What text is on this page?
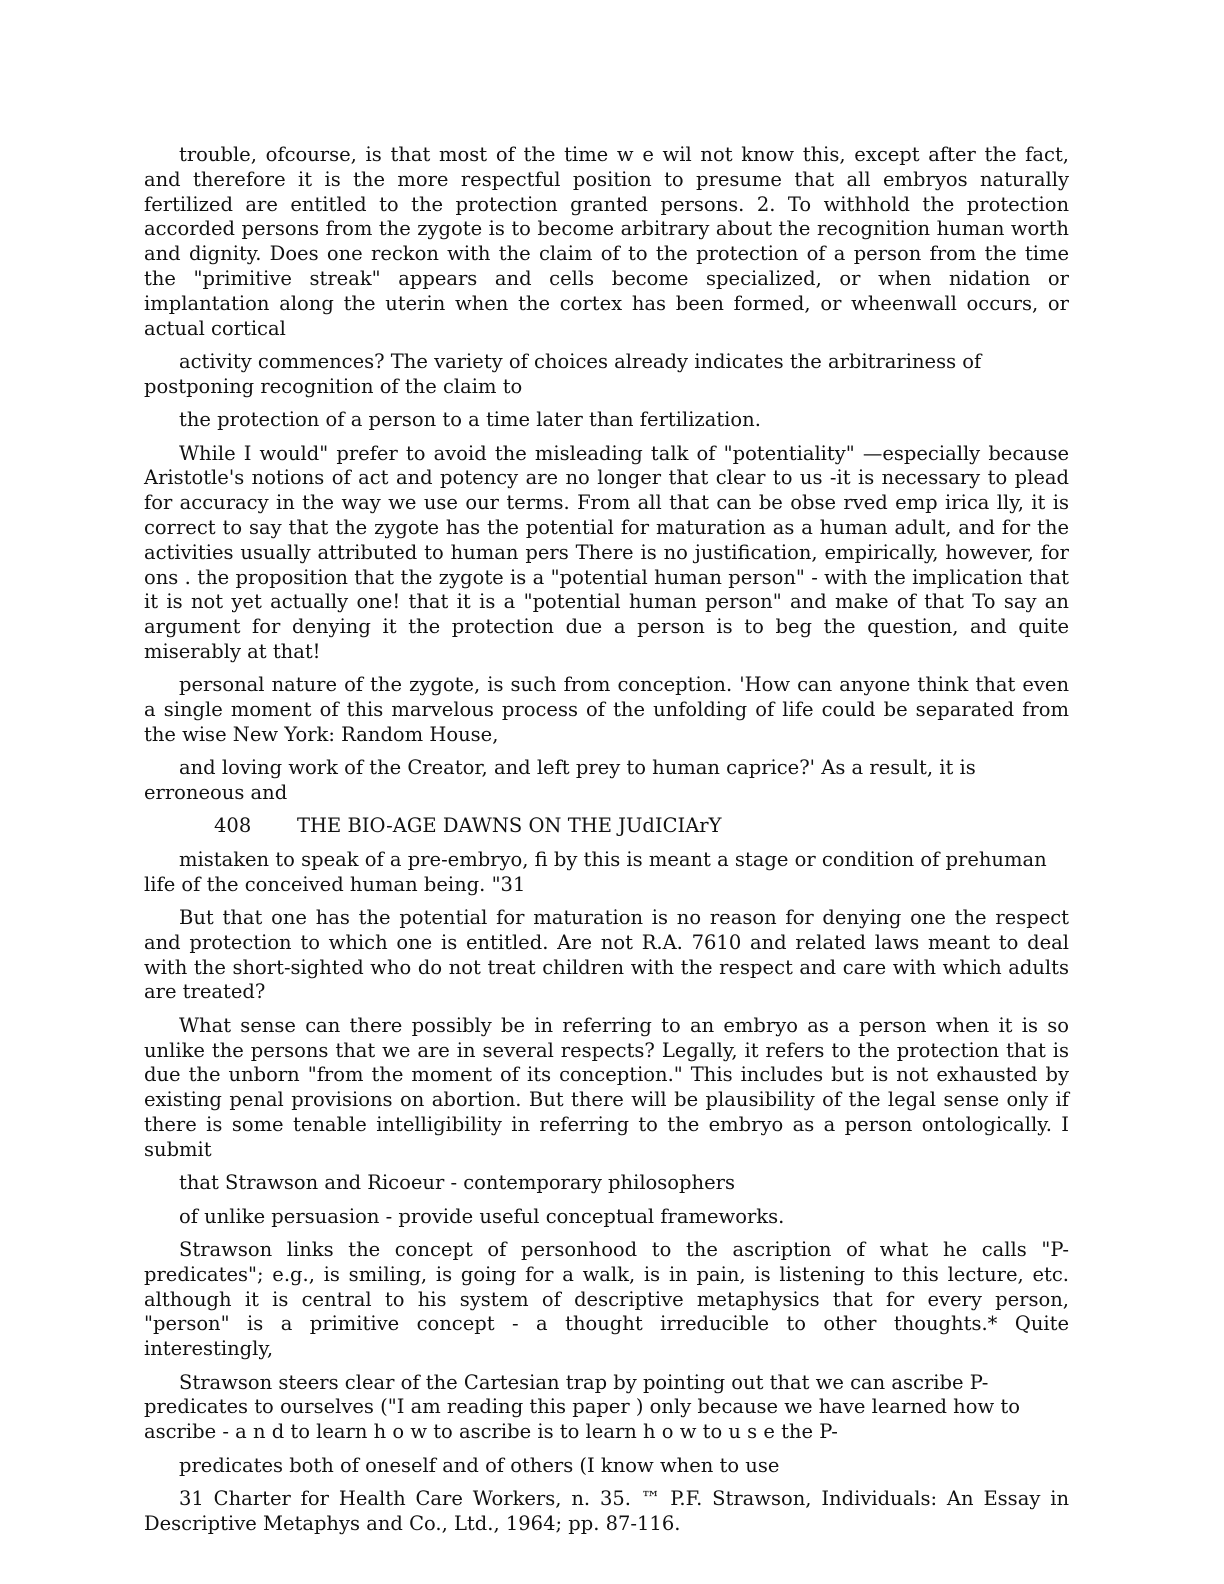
trouble, ofcourse, is that most of the time w e wil not know this, except after the fact, and therefore it is the more respectful position to presume that all embryos naturally fertilized are entitled to the protection granted persons. 2. To withhold the protection accorded persons from the zygote is to become arbitrary about the recognition human worth and dignity. Does one reckon with the claim of to the protection of a person from the time the "primitive streak" appears and cells become specialized, or when nidation or implantation along the uterin when the cortex has been formed, or wheenwall occurs, or actual cortical

activity commences? The variety of choices already indicates the arbitrariness of postponing recognition of the claim to

the protection of a person to a time later than fertilization.

While I would" prefer to avoid the misleading talk of "potentiality" —especially because Aristotle's notions of act and potency are no longer that clear to us -it is necessary to plead for accuracy in the way we use our terms. From all that can be obse rved emp irica lly, it is correct to say that the zygote has the potential for maturation as a human adult, and for the activities usually attributed to human pers There is no justification, empirically, however, for ons . the proposition that the zygote is a "potential human person" - with the implication that it is not yet actually one! that it is a "potential human person" and make of that To say an argument for denying it the protection due a person is to beg the question, and quite miserably at that!

personal nature of the zygote, is such from conception. 'How can anyone think that even a single moment of this marvelous process of the unfolding of life could be separated from the wise New York: Random House,

and loving work of the Creator, and left prey to human caprice?' As a result, it is erroneous and

408 THE BIO-AGE DAWNS ON THE JUdICIArY

mistaken to speak of a pre-embryo, fi by this is meant a stage or condition of prehuman life of the conceived human being. "31

But that one has the potential for maturation is no reason for denying one the respect and protection to which one is entitled. Are not R.A. 7610 and related laws meant to deal with the short-sighted who do not treat children with the respect and care with which adults are treated?

What sense can there possibly be in referring to an embryo as a person when it is so unlike the persons that we are in several respects? Legally, it refers to the protection that is due the unborn "from the moment of its conception." This includes but is not exhausted by existing penal provisions on abortion. But there will be plausibility of the legal sense only if there is some tenable intelligibility in referring to the embryo as a person ontologically. I submit

that Strawson and Ricoeur - contemporary philosophers

of unlike persuasion - provide useful conceptual frameworks.

Strawson links the concept of personhood to the ascription of what he calls "P-predicates"; e.g., is smiling, is going for a walk, is in pain, is listening to this lecture, etc. although it is central to his system of descriptive metaphysics that for every person, "person" is a primitive concept - a thought irreducible to other thoughts.* Quite interestingly,

Strawson steers clear of the Cartesian trap by pointing out that we can ascribe P-predicates to ourselves ("I am reading this paper ) only because we have learned how to ascribe - a n d to learn h o w to ascribe is to learn h o w to u s e the P-

predicates both of oneself and of others (I know when to use

31 Charter for Health Care Workers, n. 35. ™ P.F. Strawson, Individuals: An Essay in Descriptive Metaphys and Co., Ltd., 1964; pp. 87-116.
